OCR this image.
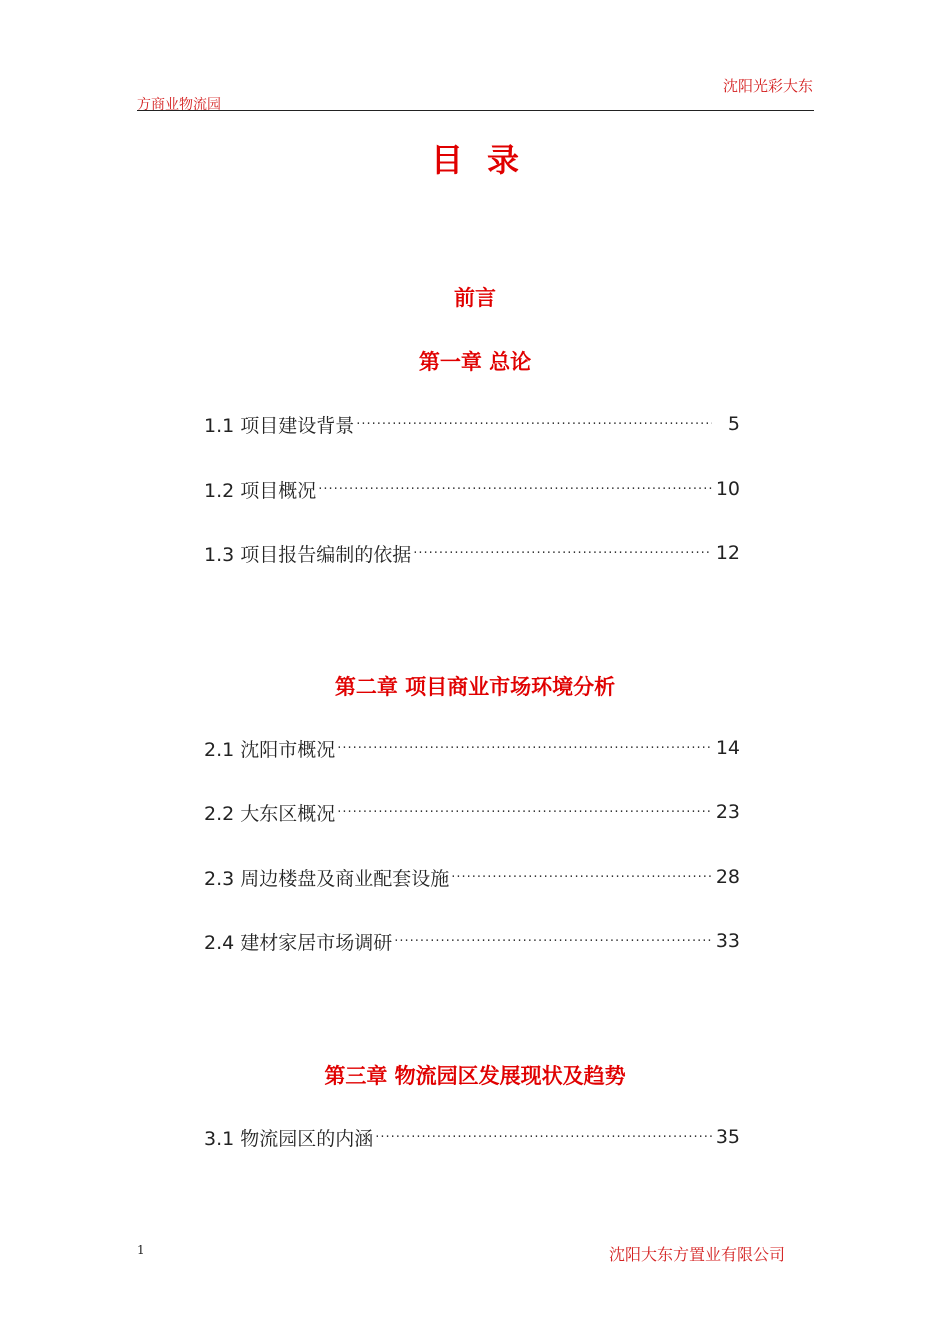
沈阳光彩大东
方商业物流园
目录
前言
第一章 总论
1.1 项目建设背景 ·····	5
1.2 项目概况 ·····	10
1.3 项目报告编制的依据 ·····	12
第二章 项目商业市场环境分析
2.1 沈阳市概况 ·····	14
2.2 大东区概况 ·····	23
2.3 周边楼盘及商业配套设施 ·····	28
2.4 建材家居市场调研 ·····	33
第三章 物流园区发展现状及趋势
3.1 物流园区的内涵 ·····	35
1	沈阳大东方置业有限公司
